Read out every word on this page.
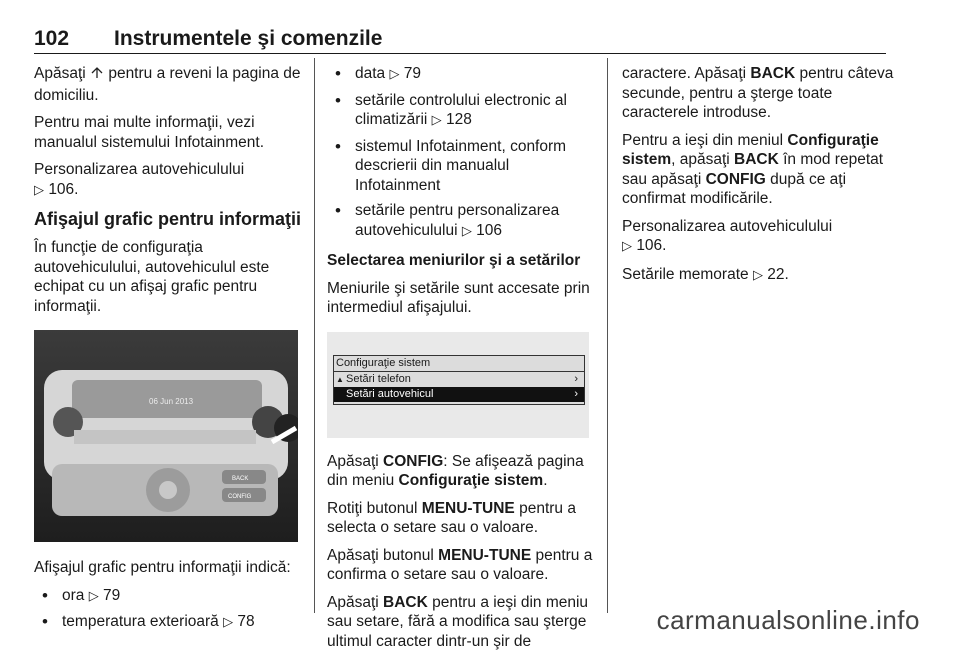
102 Instrumentele şi comenzile

Apăsaţi  pentru a reveni la pagina de domiciliu.

Pentru mai multe informaţii, vezi manualul sistemului Infotainment.

Personalizarea autovehiculului
▷ 106.

Afişajul grafic pentru informaţii

În funcţie de configuraţia autovehiculului, autovehiculul este echipat cu un afişaj grafic pentru informaţii.

06 Jun 2013
BACK
CONFIG

Afişajul grafic pentru informaţii indică:

• ora ▷ 79
• temperatura exterioară ▷ 78
• data ▷ 79
• setările controlului electronic al climatizării ▷ 128
• sistemul Infotainment, conform descrierii din manualul Infotainment
• setările pentru personalizarea autovehiculului ▷ 106

Selectarea meniurilor şi a setărilor

Meniurile şi setările sunt accesate prin intermediul afişajului.

Configuraţie sistem
▲ Setări telefon	›
Setări autovehicul	›

Apăsaţi CONFIG: Se afişează pagina din meniu Configuraţie sistem.

Rotiţi butonul MENU-TUNE pentru a selecta o setare sau o valoare.

Apăsaţi butonul MENU-TUNE pentru a confirma o setare sau o valoare.

Apăsaţi BACK pentru a ieşi din meniu sau setare, fără a modifica sau şterge ultimul caracter dintr-un şir de

caractere. Apăsaţi BACK pentru câteva secunde, pentru a şterge toate caracterele introduse.

Pentru a ieşi din meniul Configuraţie sistem, apăsaţi BACK în mod repetat sau apăsaţi CONFIG după ce aţi confirmat modificările.

Personalizarea autovehiculului
▷ 106.

Setările memorate ▷ 22.

carmanualsonline.info
